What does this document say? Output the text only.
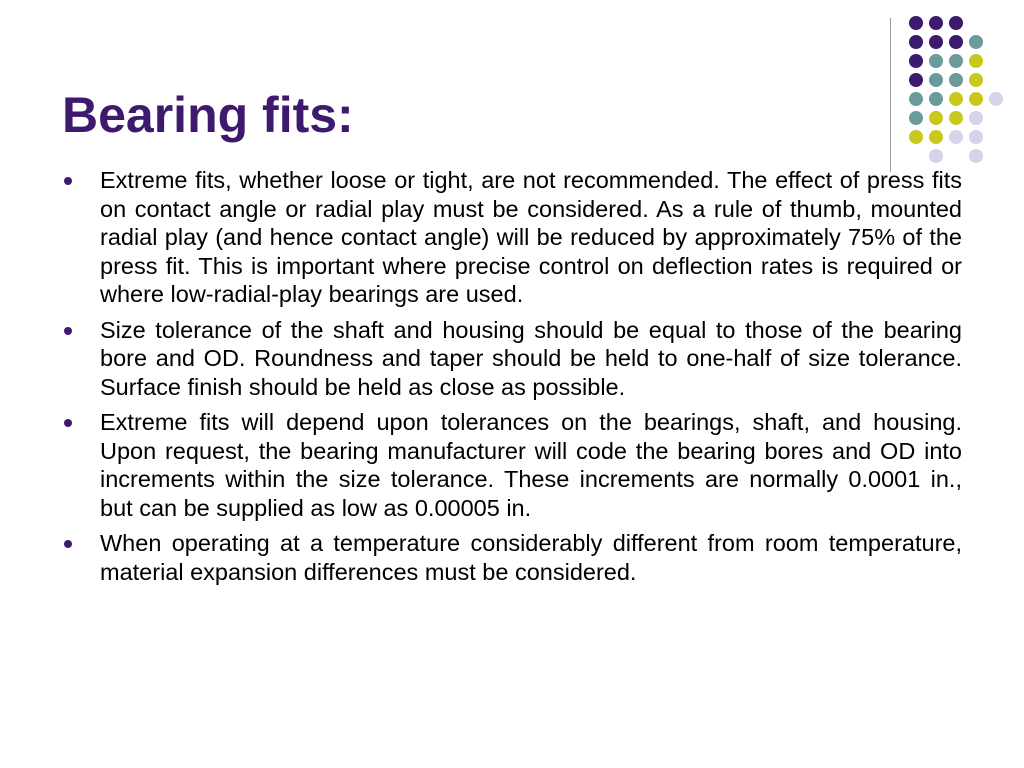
Bearing fits:
Extreme fits, whether loose or tight, are not recommended. The effect of press fits on contact angle or radial play must be considered. As a rule of thumb, mounted radial play (and hence contact angle) will be reduced by approximately 75% of the press fit. This is important where precise control on deflection rates is required or where low-radial-play bearings are used.
Size tolerance of the shaft and housing should be equal to those of the bearing bore and OD. Roundness and taper should be held to one-half of size tolerance. Surface finish should be held as close as possible.
Extreme fits will depend upon tolerances on the bearings, shaft, and housing. Upon request, the bearing manufacturer will code the bearing bores and OD into increments within the size tolerance. These increments are normally 0.0001 in., but can be supplied as low as 0.00005 in.
When operating at a temperature considerably different from room temperature, material expansion differences must be considered.
